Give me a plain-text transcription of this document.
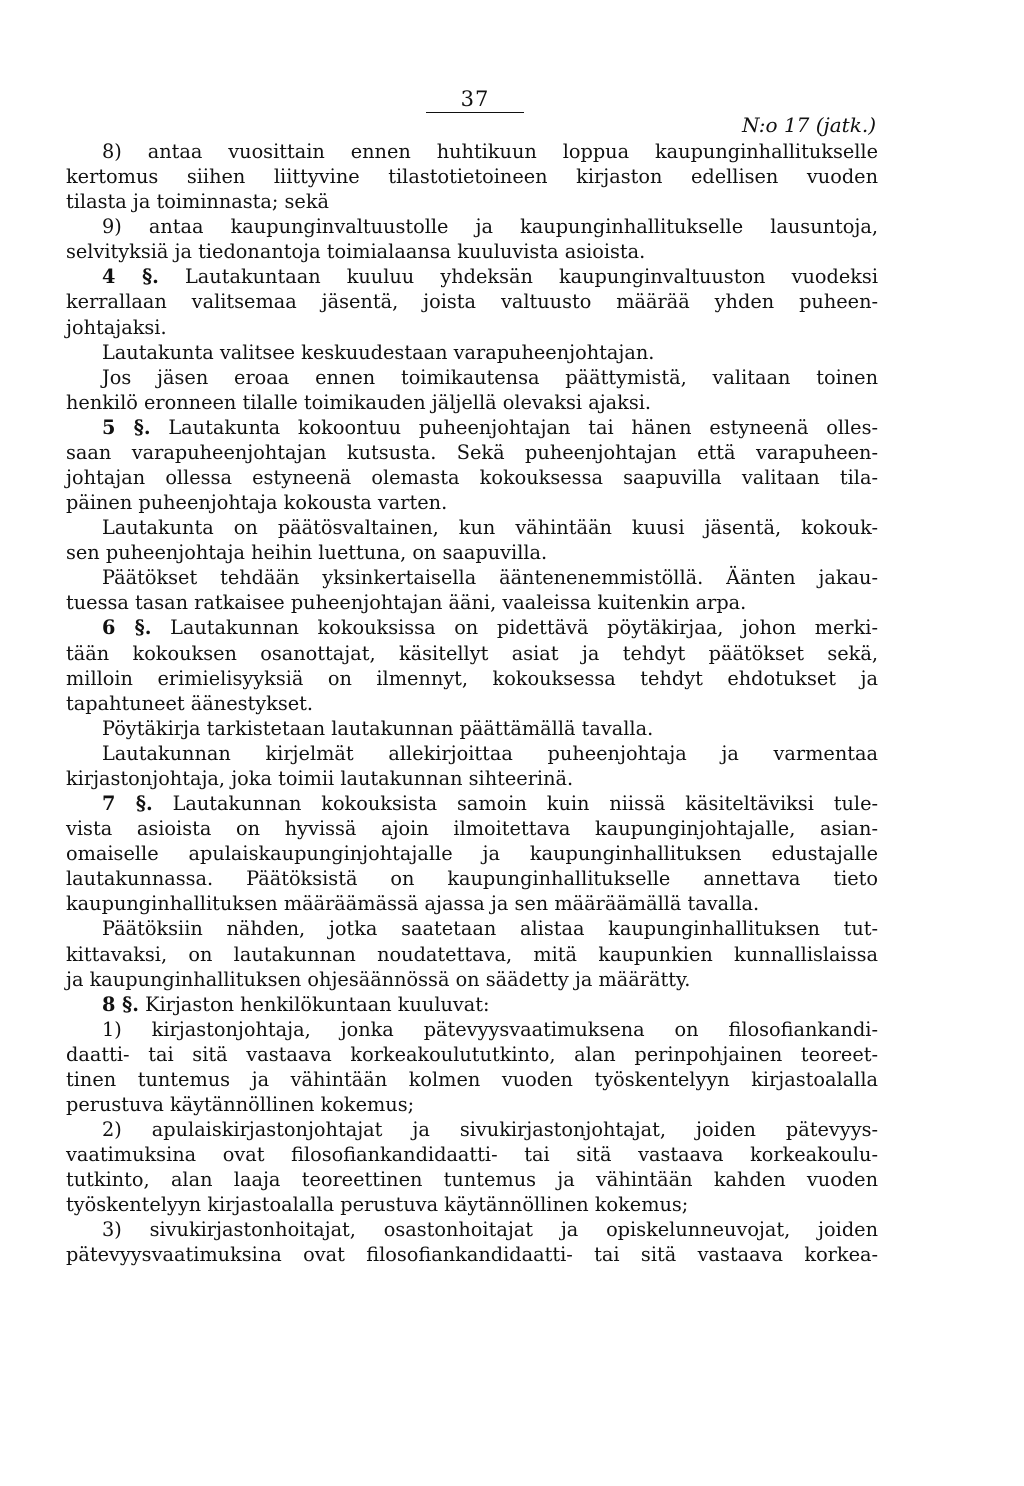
37
N:o 17 (jatk.)
8) antaa vuosittain ennen huhtikuun loppua kaupunginhallitukselle
kertomus siihen liittyvine tilastotietoineen kirjaston edellisen vuoden
tilasta ja toiminnasta; sekä
9) antaa kaupunginvaltuustolle ja kaupunginhallitukselle lausuntoja,
selvityksiä ja tiedonantoja toimialaansa kuuluvista asioista.
4 §. Lautakuntaan kuuluu yhdeksän kaupunginvaltuuston vuodeksi
kerrallaan valitsemaa jäsentä, joista valtuusto määrää yhden puheen-
johtajaksi.
Lautakunta valitsee keskuudestaan varapuheenjohtajan.
Jos jäsen eroaa ennen toimikautensa päättymistä, valitaan toinen
henkilö eronneen tilalle toimikauden jäljellä olevaksi ajaksi.
5 §. Lautakunta kokoontuu puheenjohtajan tai hänen estyneenä olles-
saan varapuheenjohtajan kutsusta. Sekä puheenjohtajan että varapuheen-
johtajan ollessa estyneenä olemasta kokouksessa saapuvilla valitaan tila-
päinen puheenjohtaja kokousta varten.
Lautakunta on päätösvaltainen, kun vähintään kuusi jäsentä, kokouk-
sen puheenjohtaja heihin luettuna, on saapuvilla.
Päätökset tehdään yksinkertaisella ääntenenemmistöllä. Äänten jakau-
tuessa tasan ratkaisee puheenjohtajan ääni, vaaleissa kuitenkin arpa.
6 §. Lautakunnan kokouksissa on pidettävä pöytäkirjaa, johon merki-
tään kokouksen osanottajat, käsitellyt asiat ja tehdyt päätökset sekä,
milloin erimielisyyksiä on ilmennyt, kokouksessa tehdyt ehdotukset ja
tapahtuneet äänestykset.
Pöytäkirja tarkistetaan lautakunnan päättämällä tavalla.
Lautakunnan kirjelmät allekirjoittaa puheenjohtaja ja varmentaa
kirjastonjohtaja, joka toimii lautakunnan sihteerinä.
7 §. Lautakunnan kokouksista samoin kuin niissä käsiteltäviksi tule-
vista asioista on hyvissä ajoin ilmoitettava kaupunginjohtajalle, asian-
omaiselle apulaiskaupunginjohtajalle ja kaupunginhallituksen edustajalle
lautakunnassa. Päätöksistä on kaupunginhallitukselle annettava tieto
kaupunginhallituksen määräämässä ajassa ja sen määräämällä tavalla.
Päätöksiin nähden, jotka saatetaan alistaa kaupunginhallituksen tut-
kittavaksi, on lautakunnan noudatettava, mitä kaupunkien kunnallislaissa
ja kaupunginhallituksen ohjesäännössä on säädetty ja määrätty.
8 §. Kirjaston henkilökuntaan kuuluvat:
1) kirjastonjohtaja, jonka pätevyysvaatimuksena on filosofiankandi-
daatti- tai sitä vastaava korkeakoulututkinto, alan perinpohjainen teoreet-
tinen tuntemus ja vähintään kolmen vuoden työskentelyyn kirjastoalalla
perustuva käytännöllinen kokemus;
2) apulaiskirjastonjohtajat ja sivukirjastonjohtajat, joiden pätevyys-
vaatimuksina ovat filosofiankandidaatti- tai sitä vastaava korkeakoulu-
tutkinto, alan laaja teoreettinen tuntemus ja vähintään kahden vuoden
työskentelyyn kirjastoalalla perustuva käytännöllinen kokemus;
3) sivukirjastonhoitajat, osastonhoitajat ja opiskelunneuvojat, joiden
pätevyysvaatimuksina ovat filosofiankandidaatti- tai sitä vastaava korkea-
